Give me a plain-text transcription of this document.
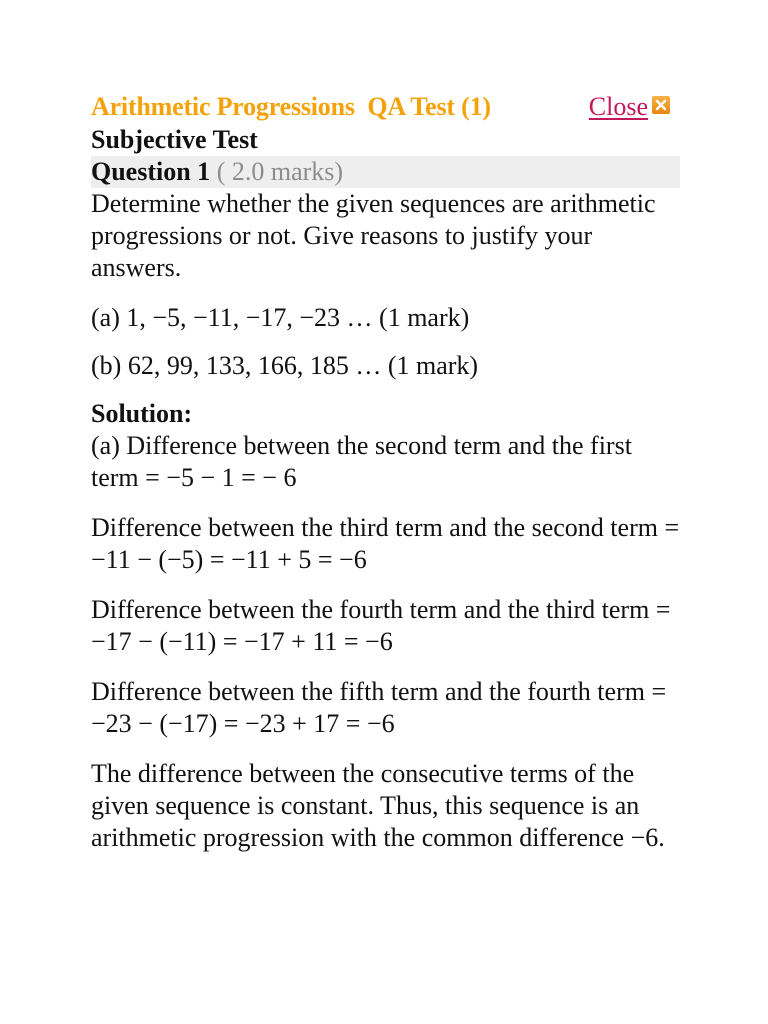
Arithmetic Progressions  QA Test (1)	Close
Subjective Test
Question 1 ( 2.0 marks)

Determine whether the given sequences are arithmetic progressions or not. Give reasons to justify your answers.

(a) 1, −5, −11, −17, −23 … (1 mark)

(b) 62, 99, 133, 166, 185 … (1 mark)

Solution:

(a) Difference between the second term and the first term = −5 − 1 = − 6

Difference between the third term and the second term = −11 − (−5) = −11 + 5 = −6

Difference between the fourth term and the third term = −17 − (−11) = −17 + 11 = −6

Difference between the fifth term and the fourth term = −23 − (−17) = −23 + 17 = −6

The difference between the consecutive terms of the given sequence is constant. Thus, this sequence is an arithmetic progression with the common difference −6.
